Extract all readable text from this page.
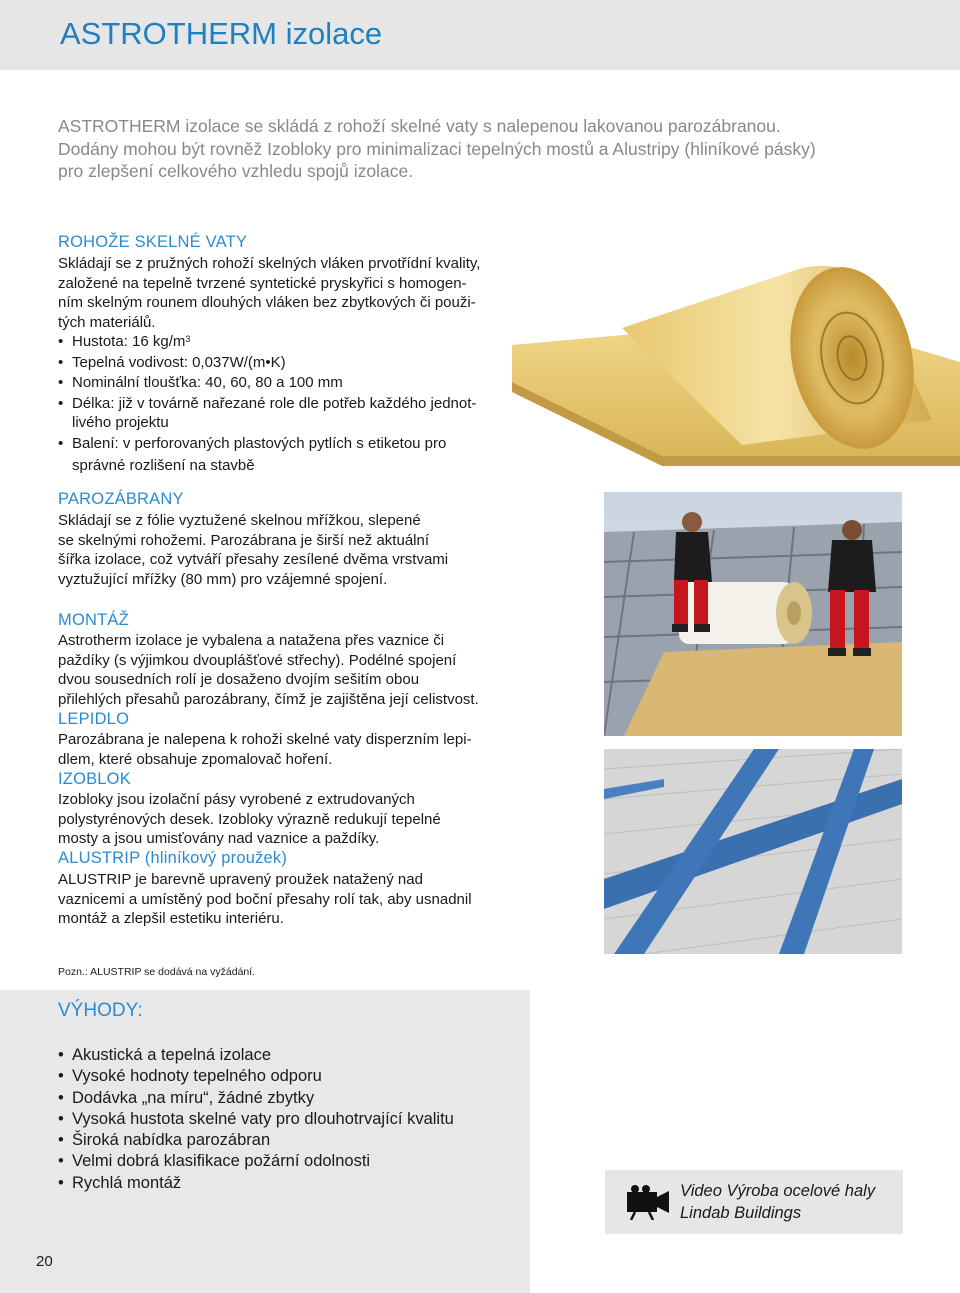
ASTROTHERM izolace

ASTROTHERM izolace se skládá z rohoží skelné vaty s nalepenou lakovanou parozábranou.
Dodány mohou být rovněž Izobloky pro minimalizaci tepelných mostů a Alustripy (hliníkové pásky)
pro zlepšení celkového vzhledu spojů izolace.

ROHOŽE SKELNÉ VATY

Skládají se z pružných rohoží skelných vláken prvotřídní kvality,
založené na tepelně tvrzené syntetické pryskyřici s homogen-
ním skelným rounem dlouhých vláken bez zbytkových či použi-
tých materiálů.

• Hustota: 16 $kg/m^3$
• Tepelná vodivost: 0,037W/(m•K)
• Nominální tloušťka: 40, 60, 80 a 100 mm
• Délka: již v továrně nařezané role dle potřeb každého jednot-
livého projektu
• Balení: v perforovaných plastových pytlích s etiketou pro
správné rozlišení na stavbě
PAROZÁBRANY

Skládají se z fólie vyztužené skelnou mřížkou, slepené
se skelnými rohožemi. Parozábrana je širší než aktuální
šířka izolace, což vytváří přesahy zesílené dvěma vrstvami
vyztužující mřížky (80 mm) pro vzájemné spojení.

MONTÁŽ

Astrotherm izolace je vybalena a natažena přes vaznice či
paždíky (s výjimkou dvouplášťové střechy). Podélné spojení
dvou sousedních rolí je dosaženo dvojím sešitím obou
přilehlých přesahů parozábrany, čímž je zajištěna její celistvost.

LEPIDLO

Parozábrana je nalepena k rohoži skelné vaty disperzním lepi-
dlem, které obsahuje zpomalovač hoření.

IZOBLOK

Izobloky jsou izolační pásy vyrobené z extrudovaných
polystyrénových desek. Izobloky výrazně redukují tepelné
mosty a jsou umisťovány nad vaznice a paždíky.

ALUSTRIP (hliníkový proužek)

ALUSTRIP je barevně upravený proužek natažený nad
vaznicemi a umístěný pod boční přesahy rolí tak, aby usnadnil
montáž a zlepšil estetiku interiéru.

Pozn.: ALUSTRIP se dodává na vyžádání.

VÝHODY:
• Akustická a tepelná izolace
• Vysoké hodnoty tepelného odporu
• Dodávka „na míru“, žádné zbytky
• Vysoká hustota skelné vaty pro dlouhotrvající kvalitu
• Široká nabídka parozábran
• Velmi dobrá klasifikace požární odolnosti
• Rychlá montáž

20

Video Výroba ocelové haly
Lindab Buildings
